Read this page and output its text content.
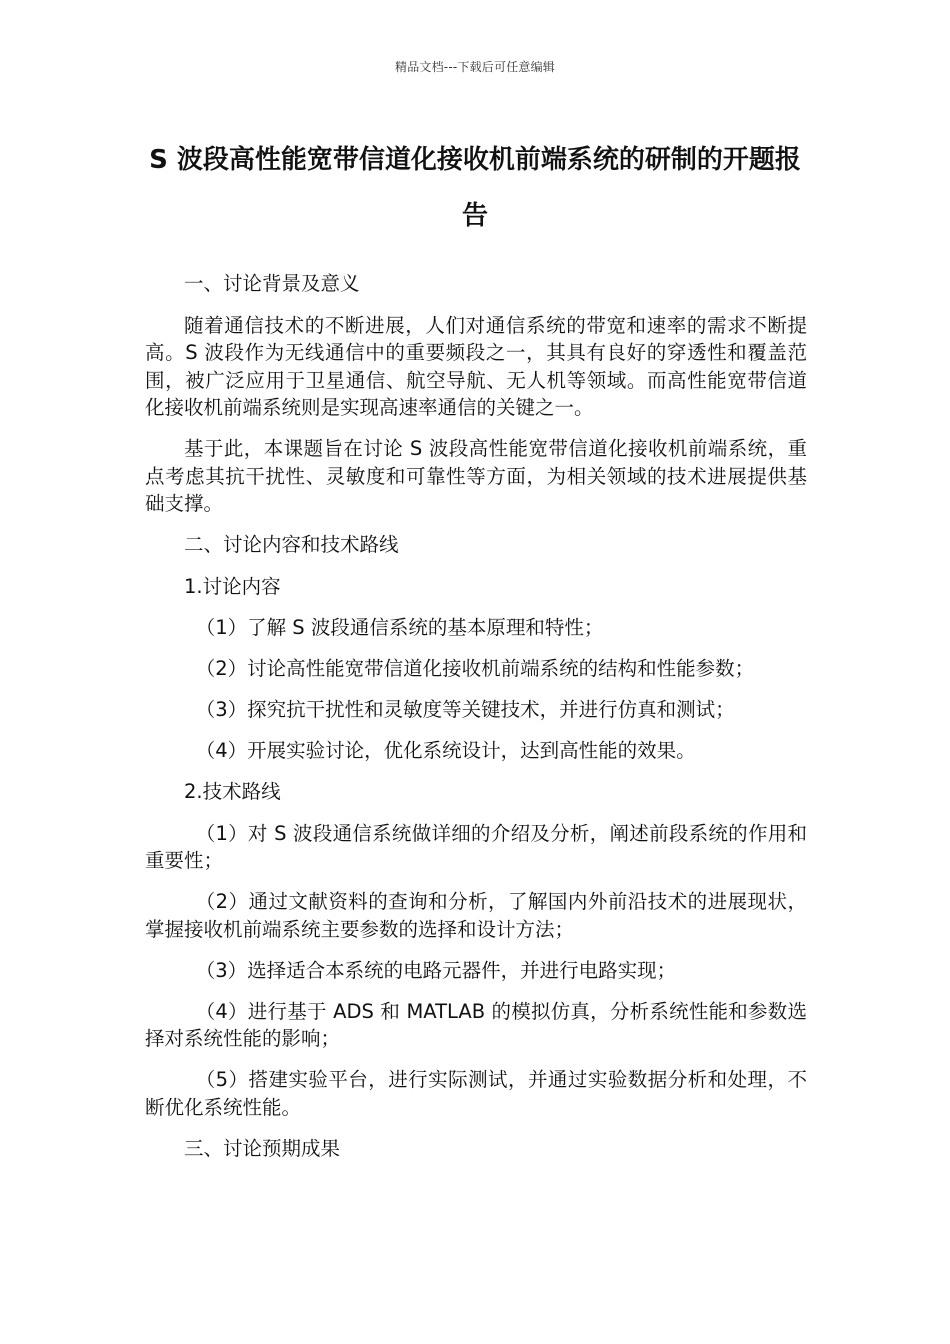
精品文档---下载后可任意编辑
S 波段高性能宽带信道化接收机前端系统的研制的开题报告

一、讨论背景及意义

随着通信技术的不断进展，人们对通信系统的带宽和速率的需求不断提高。S 波段作为无线通信中的重要频段之一，其具有良好的穿透性和覆盖范围，被广泛应用于卫星通信、航空导航、无人机等领域。而高性能宽带信道化接收机前端系统则是实现高速率通信的关键之一。

基于此，本课题旨在讨论 S 波段高性能宽带信道化接收机前端系统，重点考虑其抗干扰性、灵敏度和可靠性等方面，为相关领域的技术进展提供基础支撑。

二、讨论内容和技术路线

1.讨论内容

（1）了解 S 波段通信系统的基本原理和特性；

（2）讨论高性能宽带信道化接收机前端系统的结构和性能参数；

（3）探究抗干扰性和灵敏度等关键技术，并进行仿真和测试；

（4）开展实验讨论，优化系统设计，达到高性能的效果。

2.技术路线

（1）对 S 波段通信系统做详细的介绍及分析，阐述前段系统的作用和重要性；

（2）通过文献资料的查询和分析，了解国内外前沿技术的进展现状，掌握接收机前端系统主要参数的选择和设计方法；

（3）选择适合本系统的电路元器件，并进行电路实现；

（4）进行基于 ADS 和 MATLAB 的模拟仿真，分析系统性能和参数选择对系统性能的影响；

（5）搭建实验平台，进行实际测试，并通过实验数据分析和处理，不断优化系统性能。

三、讨论预期成果
